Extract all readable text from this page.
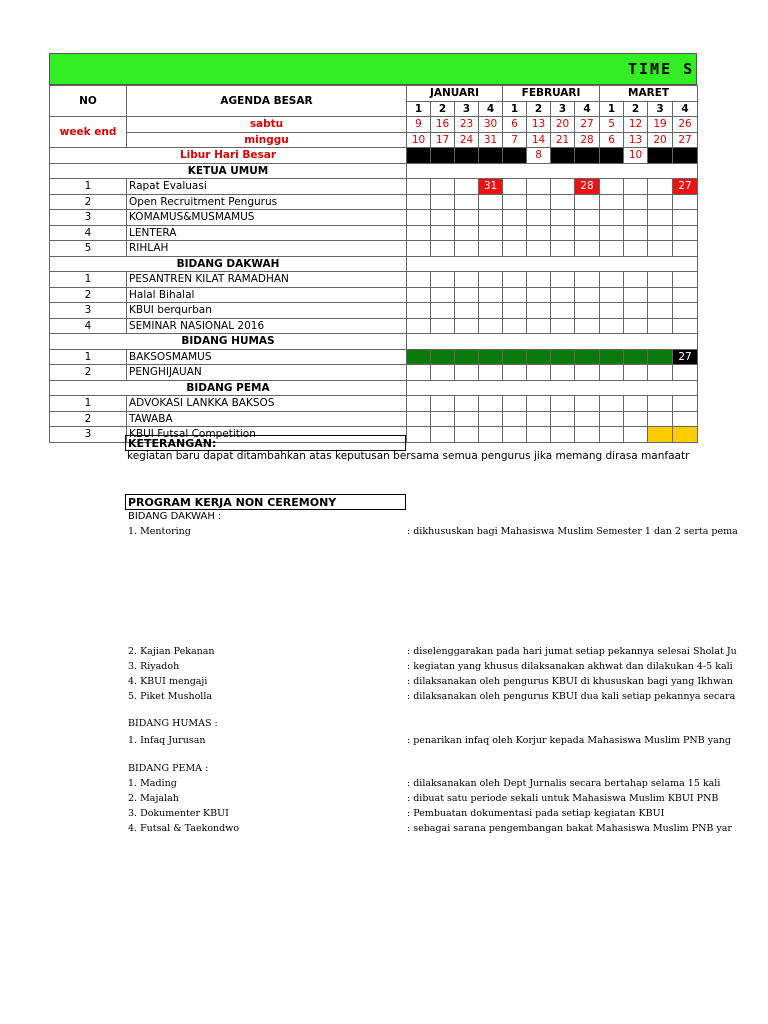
TIME S
NO	AGENDA BESAR	JANUARI				FEBRUARI				MARET			
		1	2	3	4	1	2	3	4	1	2	3	4
week end	sabtu	9	16	23	30	6	13	20	27	5	12	19	26
	minggu	10	17	24	31	7	14	21	28	6	13	20	27
Libur Hari Besar							8				10		
KETUA UMUM													
1	Rapat Evaluasi				31				28				27
2	Open Recruitment Pengurus												
3	KOMAMUS&MUSMAMUS												
4	LENTERA												
5	RIHLAH												
BIDANG DAKWAH													
1	PESANTREN KILAT RAMADHAN												
2	Halal Bihalal												
3	KBUI berqurban												
4	SEMINAR NASIONAL 2016												
BIDANG HUMAS													
1	BAKSOSMAMUS												27
2	PENGHIJAUAN												
BIDANG PEMA													
1	ADVOKASI LANKKA BAKSOS												
2	TAWABA												
3	KBUI Futsal Competition												
KETERANGAN:
kegiatan baru dapat ditambahkan atas keputusan bersama semua pengurus jika memang dirasa manfaatr
PROGRAM KERJA NON CEREMONY
BIDANG DAKWAH :
1. Mentoring	: dikhususkan bagi Mahasiswa Muslim Semester 1 dan 2 serta pema
2. Kajian Pekanan	: diselenggarakan pada hari jumat setiap pekannya selesai Sholat Ju
3. Riyadoh	: kegiatan yang khusus dilaksanakan akhwat dan dilakukan 4-5 kali
4. KBUI mengaji	: dilaksanakan oleh pengurus KBUI di khususkan bagi yang Ikhwan
5. Piket Musholla	: dilaksanakan oleh pengurus KBUI dua kali setiap pekannya secara
BIDANG HUMAS :
1. Infaq Jurusan	: penarikan infaq oleh Korjur kepada Mahasiswa Muslim PNB yang
BIDANG PEMA :
1. Mading	: dilaksanakan oleh Dept Jurnalis secara bertahap selama 15 kali
2. Majalah	: dibuat satu periode sekali untuk Mahasiswa Muslim KBUI PNB
3. Dokumenter KBUI	: Pembuatan dokumentasi pada setiap kegiatan KBUI
4. Futsal & Taekondwo	: sebagai sarana pengembangan bakat Mahasiswa Muslim PNB yar
